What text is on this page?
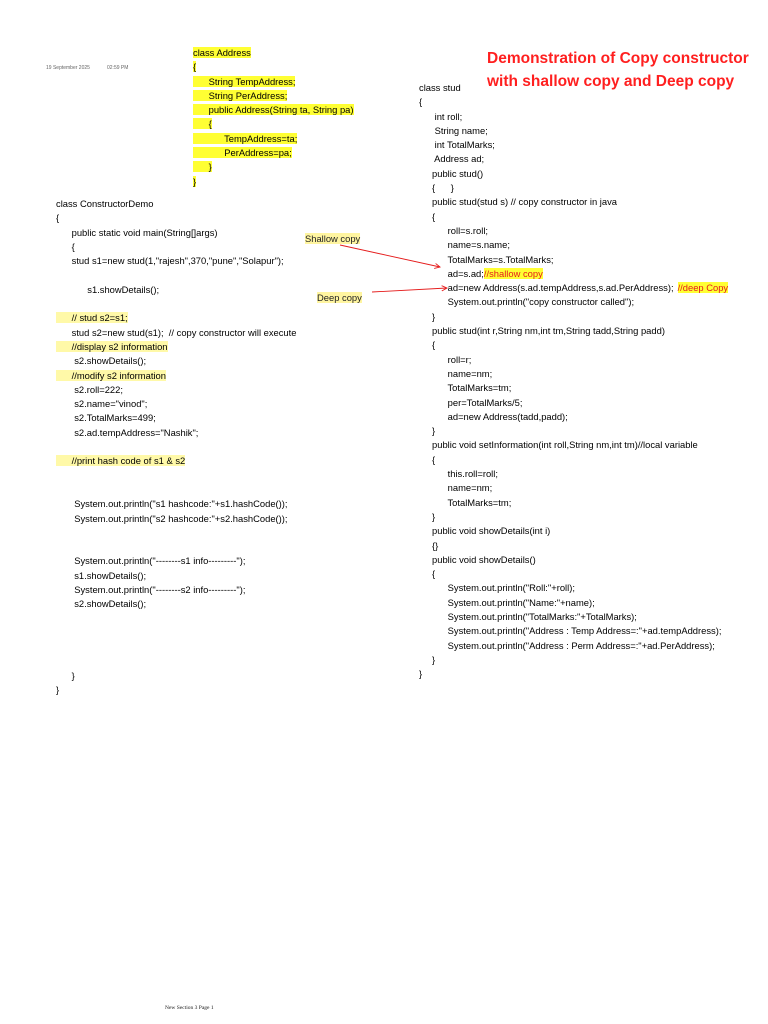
19 September 2025	02:59 PM
Demonstration of Copy constructor
with shallow copy and Deep copy
class Address
{
String TempAddress;
String PerAddress;
public Address(String ta, String pa)
{
TempAddress=ta;
PerAddress=pa;
}
}
class ConstructorDemo
{
public static void main(String[]args)
{
stud s1=new stud(1,"rajesh",370,"pune","Solapur");
s1.showDetails();
// stud s2=s1;
stud s2=new stud(s1);  // copy constructor will execute
//display s2 information
s2.showDetails();
//modify s2 information
s2.roll=222;
s2.name="vinod";
s2.TotalMarks=499;
s2.ad.tempAddress="Nashik";
//print hash code of s1 & s2
System.out.println("s1 hashcode:"+s1.hashCode());
System.out.println("s2 hashcode:"+s2.hashCode());
System.out.println("--------s1 info---------");
s1.showDetails();
System.out.println("--------s2 info---------");
s2.showDetails();
}
}
class stud
{
int roll;
String name;
int TotalMarks;
Address ad;
public stud()
{      }
public stud(stud s) // copy constructor in java
{
roll=s.roll;
name=s.name;
TotalMarks=s.TotalMarks;
ad=s.ad;//shallow copy
ad=new Address(s.ad.tempAddress,s.ad.PerAddress); //deep Copy
System.out.println("copy constructor called");
}
public stud(int r,String nm,int tm,String tadd,String padd)
{
roll=r;
name=nm;
TotalMarks=tm;
per=TotalMarks/5;
ad=new Address(tadd,padd);
}
public void setInformation(int roll,String nm,int tm)//local variable
{
this.roll=roll;
name=nm;
TotalMarks=tm;
}
public void showDetails(int i)
{}
public void showDetails()
{
System.out.println("Roll:"+roll);
System.out.println("Name:"+name);
System.out.println("TotalMarks:"+TotalMarks);
System.out.println("Address : Temp Address=:"+ad.tempAddress);
System.out.println("Address : Perm Address=:"+ad.PerAddress);
}
}
Shallow copy
Deep copy
New Section 3 Page 1
